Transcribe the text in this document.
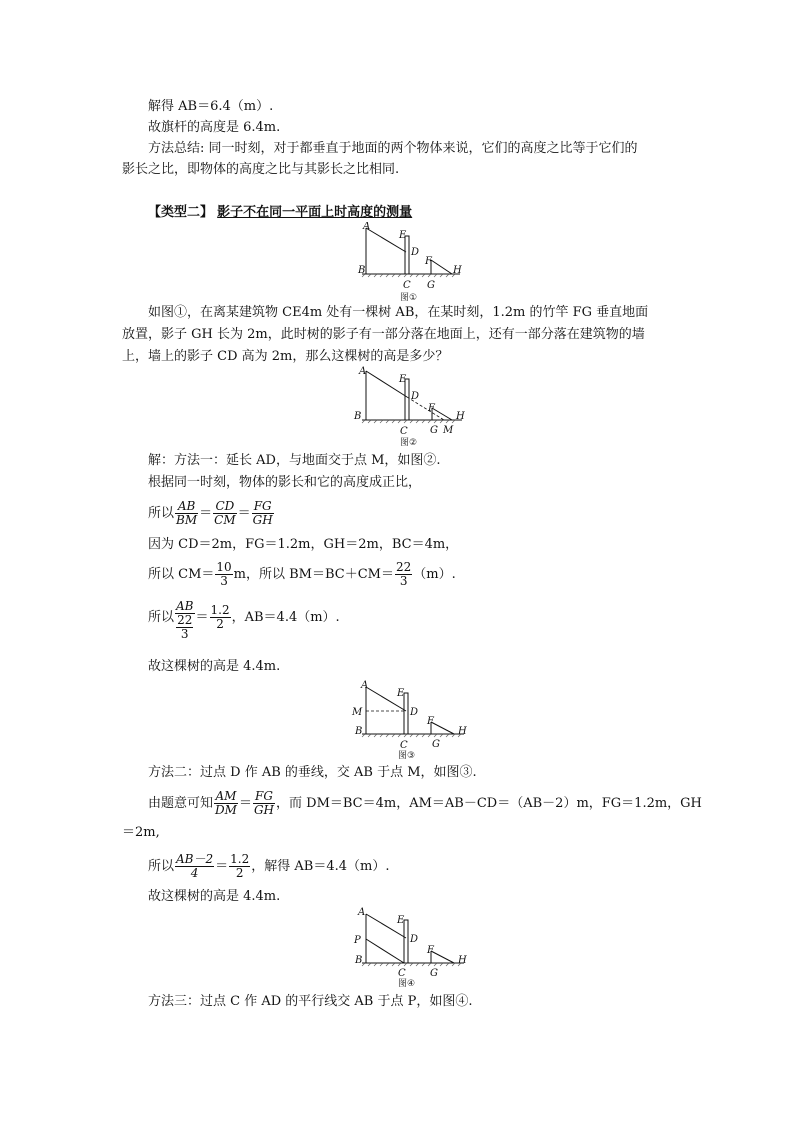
解得 AB＝6.4（m）.
故旗杆的高度是 6.4m.
方法总结: 同一时刻，对于都垂直于地面的两个物体来说，它们的高度之比等于它们的
影长之比，即物体的高度之比与其影长之比相同.
【类型二】 影子不在同一平面上时高度的测量
A
B
C
D
E
F
G
H
图①
如图①，在离某建筑物 CE4m 处有一棵树 AB，在某时刻，1.2m 的竹竿 FG 垂直地面
放置，影子 GH 长为 2m，此时树的影子有一部分落在地面上，还有一部分落在建筑物的墙
上，墙上的影子 CD 高为 2m，那么这棵树的高是多少？
A
B
C
D
E
F
G
H
M
图②
解：方法一：延长 AD，与地面交于点 M，如图②.
根据同一时刻，物体的影长和它的高度成正比，
所以 $\frac{AB}{BM} = \frac{CD}{CM} = \frac{FG}{GH}$
因为 CD＝2m，FG＝1.2m，GH＝2m，BC＝4m，
所以 $CM= \frac{10}{3}$ m，所以 $BM=BC+CM= \frac{22}{3} (m)$.
所以 $\frac{AB}{\frac{22}{3}} = \frac{1.2}{2}$ ，AB＝4.4（m）.
故这棵树的高是 4.4m.
A
B
C
D
E
F
G
H
M
图③
方法二：过点 D 作 AB 的垂线，交 AB 于点 M，如图③.
由题意可知 $\frac{AM}{DM} = \frac{FG}{GH}$ ，而 DM＝BC＝4m，AM＝AB－CD＝（AB－2）m，FG＝1.2m，GH
＝2m,
所以 $\frac{AB-2}{4} = \frac{1.2}{2}$ ，解得 AB＝4.4（m）.
故这棵树的高是 4.4m.
A
B
C
D
E
F
G
H
P
图④
方法三：过点 C 作 AD 的平行线交 AB 于点 P，如图④.
